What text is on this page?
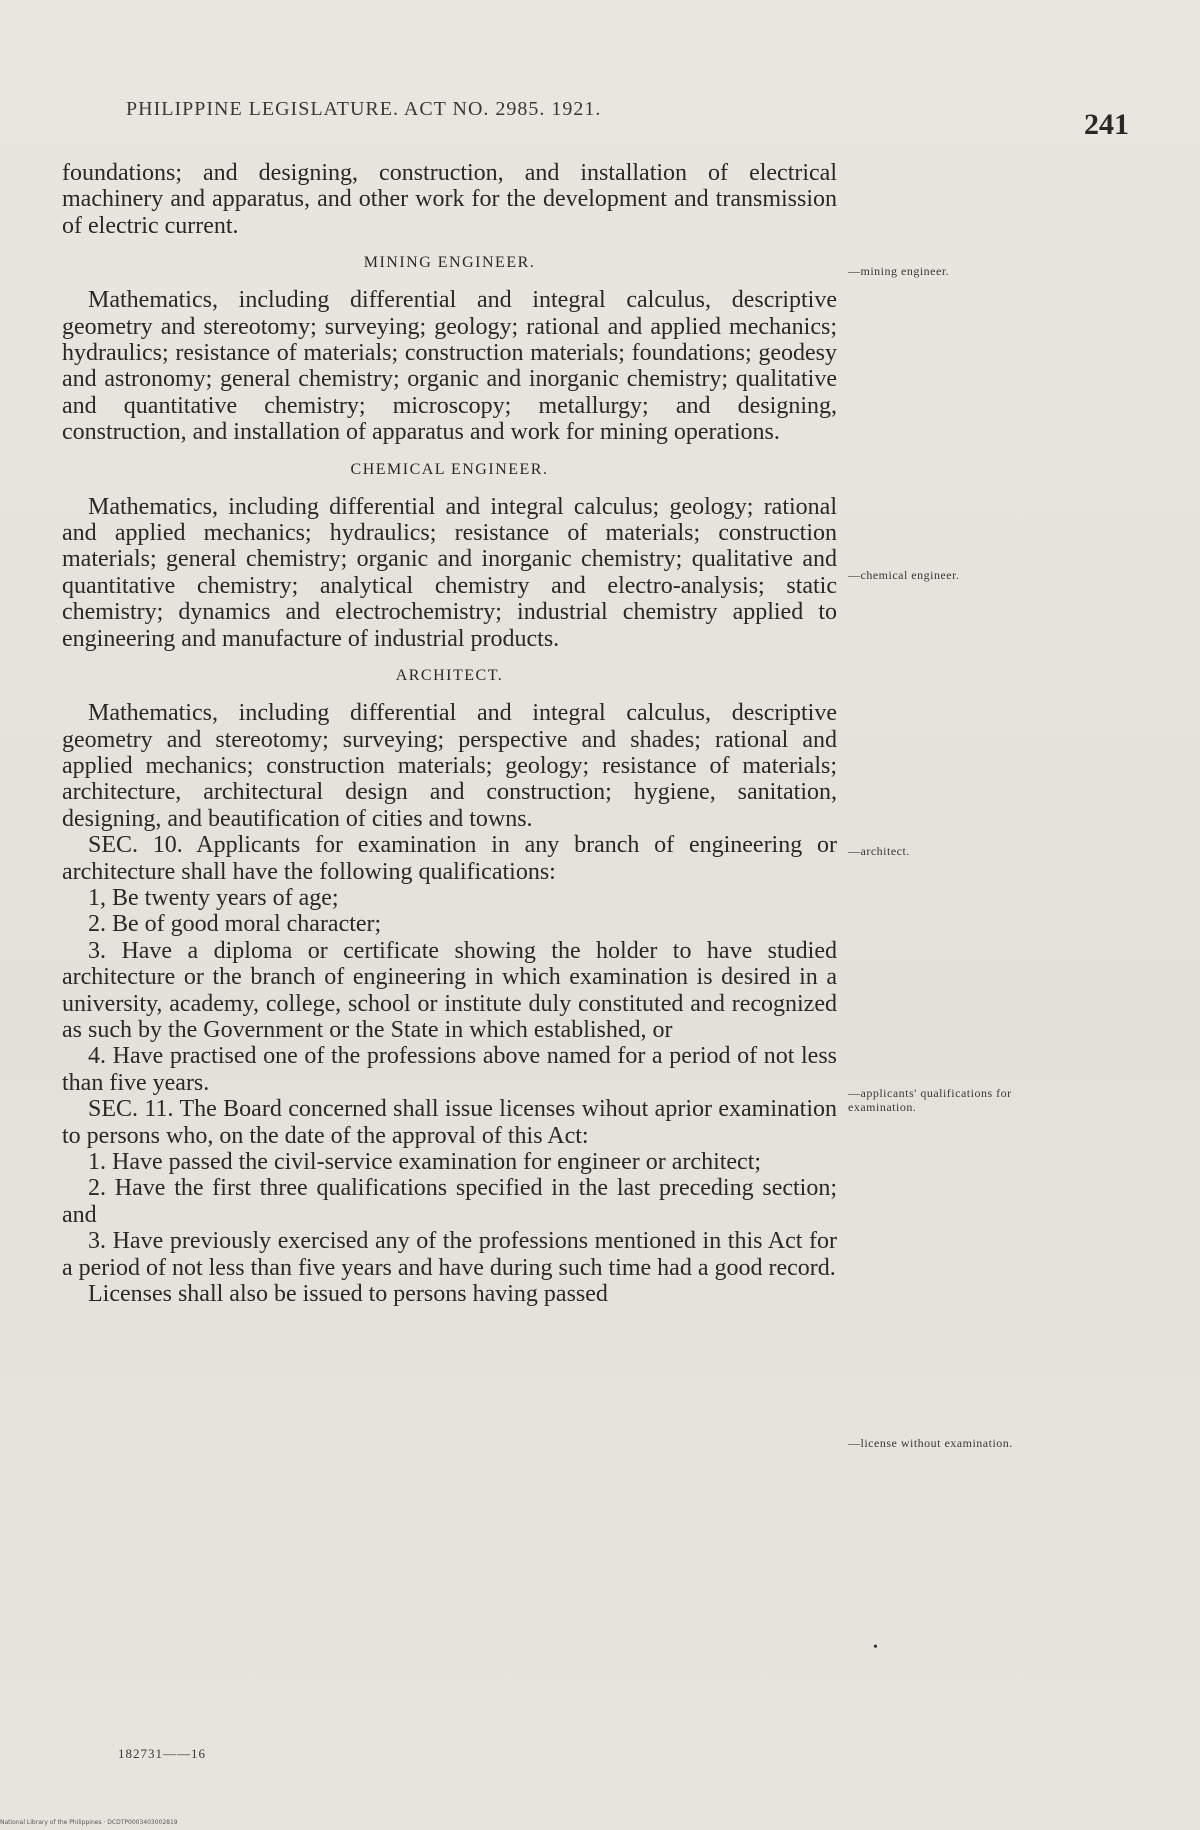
PHILIPPINE LEGISLATURE. ACT NO. 2985. 1921.	241

foundations; and designing, construction, and installation of electrical machinery and apparatus, and other work for the development and transmission of electric current.

MINING ENGINEER.

Mathematics, including differential and integral calculus, descriptive geometry and stereotomy; surveying; geology; rational and applied mechanics; hydraulics; resistance of materials; construction materials; foundations; geodesy and astronomy; general chemistry; organic and inorganic chemistry; qualitative and quantitative chemistry; microscopy; metallurgy; and designing, construction, and installation of apparatus and work for mining operations.

CHEMICAL ENGINEER.

Mathematics, including differential and integral calculus; geology; rational and applied mechanics; hydraulics; resistance of materials; construction materials; general chemistry; organic and inorganic chemistry; qualitative and quantitative chemistry; analytical chemistry and electro-analysis; static chemistry; dynamics and electrochemistry; industrial chemistry applied to engineering and manufacture of industrial products.

ARCHITECT.

Mathematics, including differential and integral calculus, descriptive geometry and stereotomy; surveying; perspective and shades; rational and applied mechanics; construction materials; geology; resistance of materials; architecture, architectural design and construction; hygiene, sanitation, designing, and beautification of cities and towns.

SEC. 10. Applicants for examination in any branch of engineering or architecture shall have the following qualifications:

1, Be twenty years of age;

2. Be of good moral character;

3. Have a diploma or certificate showing the holder to have studied architecture or the branch of engineering in which examination is desired in a university, academy, college, school or institute duly constituted and recognized as such by the Government or the State in which established, or

4. Have practised one of the professions above named for a period of not less than five years.

SEC. 11. The Board concerned shall issue licenses wihout aprior examination to persons who, on the date of the approval of this Act:

1. Have passed the civil-service examination for engineer or architect;

2. Have the first three qualifications specified in the last preceding section; and

3. Have previously exercised any of the professions mentioned in this Act for a period of not less than five years and have during such time had a good record.

Licenses shall also be issued to persons having passed

—mining engineer.
—chemical engineer.
—architect.
—applicants' qualifications for examination.
—license without examination.
•
182731——16
National Library of the Philippines · DCDTP0003403002819
